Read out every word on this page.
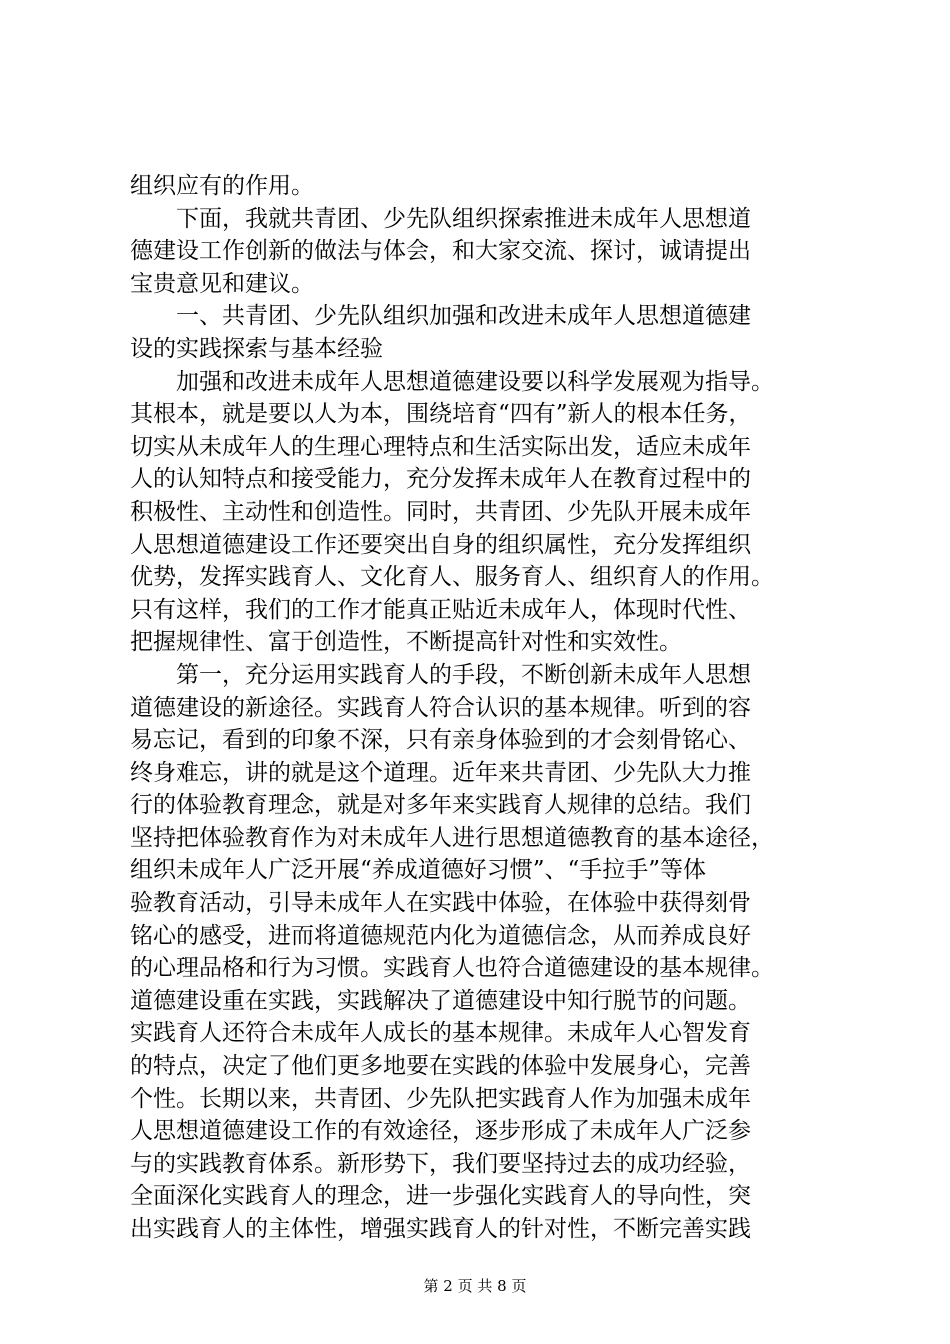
组织应有的作用。
　　下面，我就共青团、少先队组织探索推进未成年人思想道
德建设工作创新的做法与体会，和大家交流、探讨，诚请提出
宝贵意见和建议。
　　一、共青团、少先队组织加强和改进未成年人思想道德建
设的实践探索与基本经验
　　加强和改进未成年人思想道德建设要以科学发展观为指导。
其根本，就是要以人为本，围绕培育“四有”新人的根本任务，
切实从未成年人的生理心理特点和生活实际出发，适应未成年
人的认知特点和接受能力，充分发挥未成年人在教育过程中的
积极性、主动性和创造性。同时，共青团、少先队开展未成年
人思想道德建设工作还要突出自身的组织属性，充分发挥组织
优势，发挥实践育人、文化育人、服务育人、组织育人的作用。
只有这样，我们的工作才能真正贴近未成年人，体现时代性、
把握规律性、富于创造性，不断提高针对性和实效性。
　　第一，充分运用实践育人的手段，不断创新未成年人思想
道德建设的新途径。实践育人符合认识的基本规律。听到的容
易忘记，看到的印象不深，只有亲身体验到的才会刻骨铭心、
终身难忘，讲的就是这个道理。近年来共青团、少先队大力推
行的体验教育理念，就是对多年来实践育人规律的总结。我们
坚持把体验教育作为对未成年人进行思想道德教育的基本途径，
组织未成年人广泛开展“养成道德好习惯”、“手拉手”等体
验教育活动，引导未成年人在实践中体验，在体验中获得刻骨
铭心的感受，进而将道德规范内化为道德信念，从而养成良好
的心理品格和行为习惯。实践育人也符合道德建设的基本规律。
道德建设重在实践，实践解决了道德建设中知行脱节的问题。
实践育人还符合未成年人成长的基本规律。未成年人心智发育
的特点，决定了他们更多地要在实践的体验中发展身心，完善
个性。长期以来，共青团、少先队把实践育人作为加强未成年
人思想道德建设工作的有效途径，逐步形成了未成年人广泛参
与的实践教育体系。新形势下，我们要坚持过去的成功经验，
全面深化实践育人的理念，进一步强化实践育人的导向性，突
出实践育人的主体性，增强实践育人的针对性，不断完善实践
第 2 页 共 8 页
